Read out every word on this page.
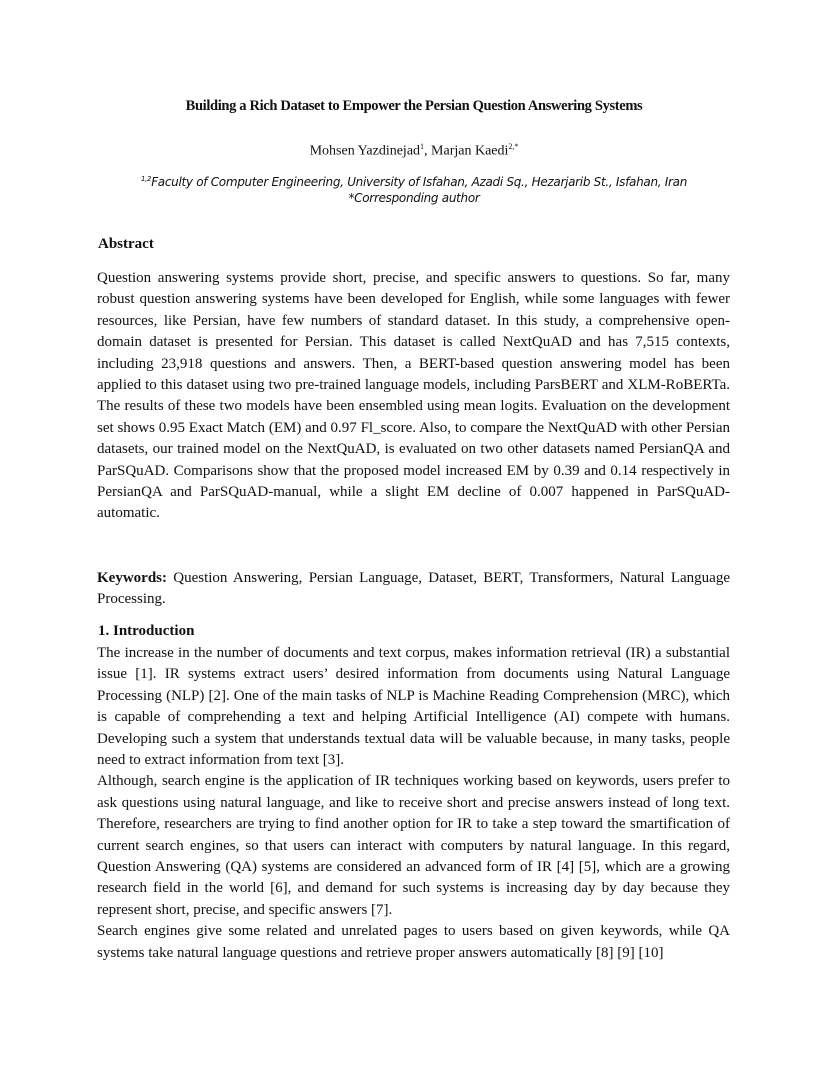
Building a Rich Dataset to Empower the Persian Question Answering Systems
Mohsen Yazdinejad$^1$, Marjan Kaedi$^{2,*}$
$^{1,2}$Faculty of Computer Engineering, University of Isfahan, Azadi Sq., Hezarjarib St., Isfahan, Iran
*Corresponding author
Abstract

Question answering systems provide short, precise, and specific answers to questions. So far, many robust question answering systems have been developed for English, while some languages with fewer resources, like Persian, have few numbers of standard dataset. In this study, a comprehensive open-domain dataset is presented for Persian. This dataset is called NextQuAD and has 7,515 contexts, including 23,918 questions and answers. Then, a BERT-based question answering model has been applied to this dataset using two pre-trained language models, including ParsBERT and XLM-RoBERTa. The results of these two models have been ensembled using mean logits. Evaluation on the development set shows 0.95 Exact Match (EM) and 0.97 Fl_score. Also, to compare the NextQuAD with other Persian datasets, our trained model on the NextQuAD, is evaluated on two other datasets named PersianQA and ParSQuAD. Comparisons show that the proposed model increased EM by 0.39 and 0.14 respectively in PersianQA and ParSQuAD-manual, while a slight EM decline of 0.007 happened in ParSQuAD-automatic.

Keywords: Question Answering, Persian Language, Dataset, BERT, Transformers, Natural Language Processing.
1. Introduction

The increase in the number of documents and text corpus, makes information retrieval (IR) a substantial issue [1]. IR systems extract users’ desired information from documents using Natural Language Processing (NLP) [2]. One of the main tasks of NLP is Machine Reading Comprehension (MRC), which is capable of comprehending a text and helping Artificial Intelligence (AI) compete with humans. Developing such a system that understands textual data will be valuable because, in many tasks, people need to extract information from text [3].

Although, search engine is the application of IR techniques working based on keywords, users prefer to ask questions using natural language, and like to receive short and precise answers instead of long text. Therefore, researchers are trying to find another option for IR to take a step toward the smartification of current search engines, so that users can interact with computers by natural language. In this regard, Question Answering (QA) systems are considered an advanced form of IR [4] [5], which are a growing research field in the world [6], and demand for such systems is increasing day by day because they represent short, precise, and specific answers [7].

Search engines give some related and unrelated pages to users based on given keywords, while QA systems take natural language questions and retrieve proper answers automatically [8] [9] [10]
